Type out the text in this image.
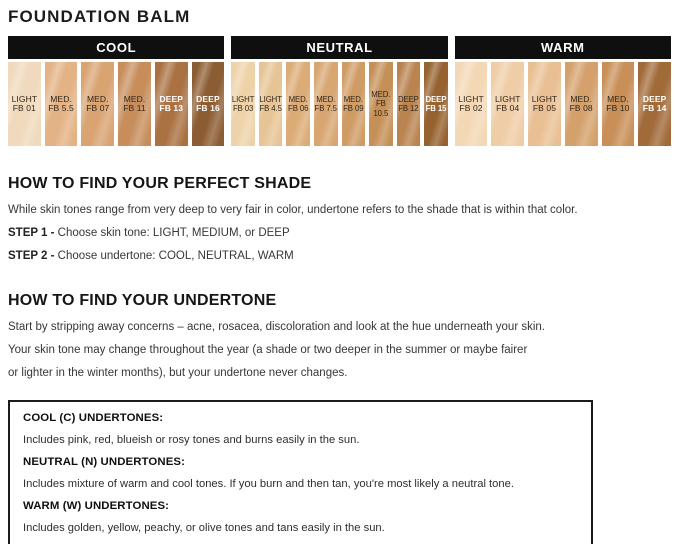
FOUNDATION BALM
COOL
LIGHT
FB 01
MED.
FB 5.5
MED.
FB 07
MED.
FB 11
DEEP
FB 13
DEEP
FB 16
NEUTRAL
LIGHT
FB 03
LIGHT
FB 4.5
MED.
FB 06
MED.
FB 7.5
MED.
FB 09
MED.
FB 10.5
DEEP
FB 12
DEEP
FB 15
WARM
LIGHT
FB 02
LIGHT
FB 04
LIGHT
FB 05
MED.
FB 08
MED.
FB 10
DEEP
FB 14
HOW TO FIND YOUR PERFECT SHADE

While skin tones range from very deep to very fair in color, undertone refers to the shade that is within that color.

STEP 1 - Choose skin tone: LIGHT, MEDIUM, or DEEP

STEP 2 - Choose undertone: COOL, NEUTRAL, WARM

HOW TO FIND YOUR UNDERTONE

Start by stripping away concerns – acne, rosacea, discoloration and look at the hue underneath your skin.

Your skin tone may change throughout the year (a shade or two deeper in the summer or maybe fairer

or lighter in the winter months), but your undertone never changes.

COOL (C) UNDERTONES:

Includes pink, red, blueish or rosy tones and burns easily in the sun.

NEUTRAL (N) UNDERTONES:

Includes mixture of warm and cool tones. If you burn and then tan, you're most likely a neutral tone.

WARM (W) UNDERTONES:

Includes golden, yellow, peachy, or olive tones and tans easily in the sun.
